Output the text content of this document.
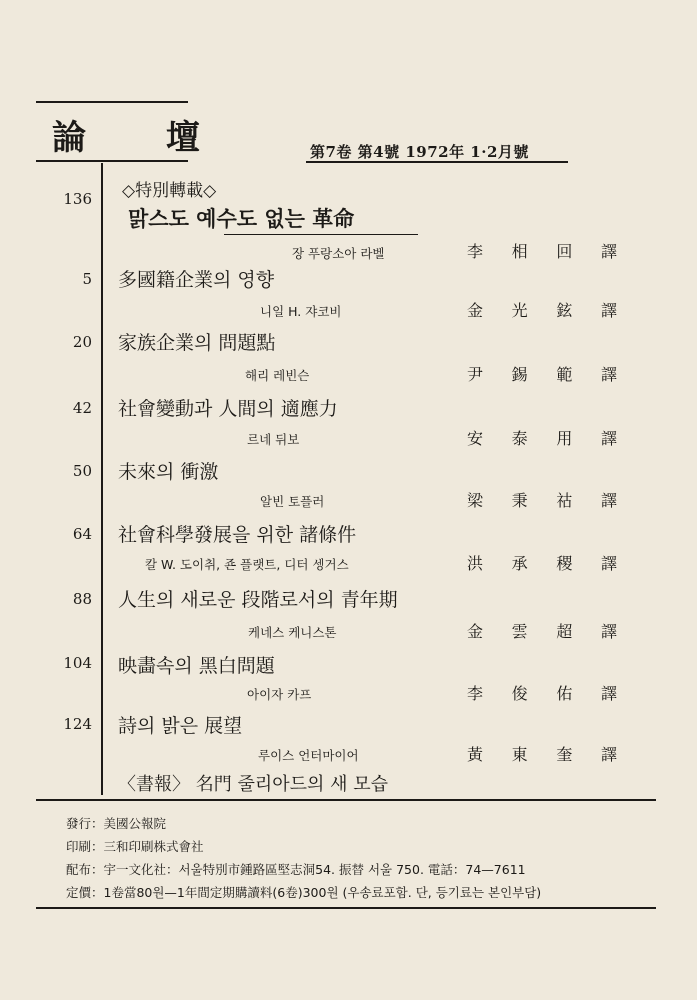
論 壇	第7卷 第4號 1972年 1·2月號
◇特別轉載◇
136
맑스도 예수도 없는 革命
장 푸랑소아 라벨	李 相 回 譯
5 多國籍企業의 영향
니일 H. 쟈코비	金 光 鉉 譯
20 家族企業의 問題點
해리 레빈슨	尹 錫 範 譯
42 社會變動과 人間의 適應力
르네 뒤보	安 泰 用 譯
50 未來의 衝激
알빈 토플러	梁 秉 祜 譯
64 社會科學發展을 위한 諸條件
칼 W. 도이취, 죤 플랫트, 디터 셍거스	洪 承 稷 譯
88 人生의 새로운 段階로서의 青年期
케네스 케니스톤	金 雲 超 譯
104 映畵속의 黑白問題
아이자 카프	李 俊 佑 譯
124 詩의 밝은 展望
루이스 언터마이어	黃 東 奎 譯
〈書報〉 名門 줄리아드의 새 모습
發行：美國公報院
印刷：三和印刷株式會社
配布：宇一文化社：서울特別市鍾路區堅志洞54. 振替 서울 750. 電話：74—7611
定價：1卷當80원—1年間定期購讀料(6卷)300원 (우송료포함. 단, 등기료는 본인부담)
